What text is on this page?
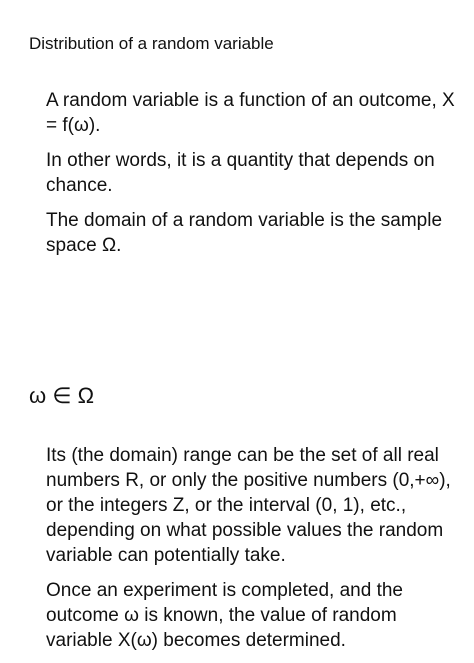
Distribution of a random variable

A random variable is a function of an outcome, X = f(ω).

In other words, it is a quantity that depends on chance.

The domain of a random variable is the sample space Ω.

ω ∈ Ω

Its (the domain) range can be the set of all real numbers R, or only the positive numbers (0,+∞), or the integers Z, or the interval (0, 1), etc., depending on what possible values the random variable can potentially take.

Once an experiment is completed, and the outcome ω is known, the value of random variable X(ω) becomes determined.
